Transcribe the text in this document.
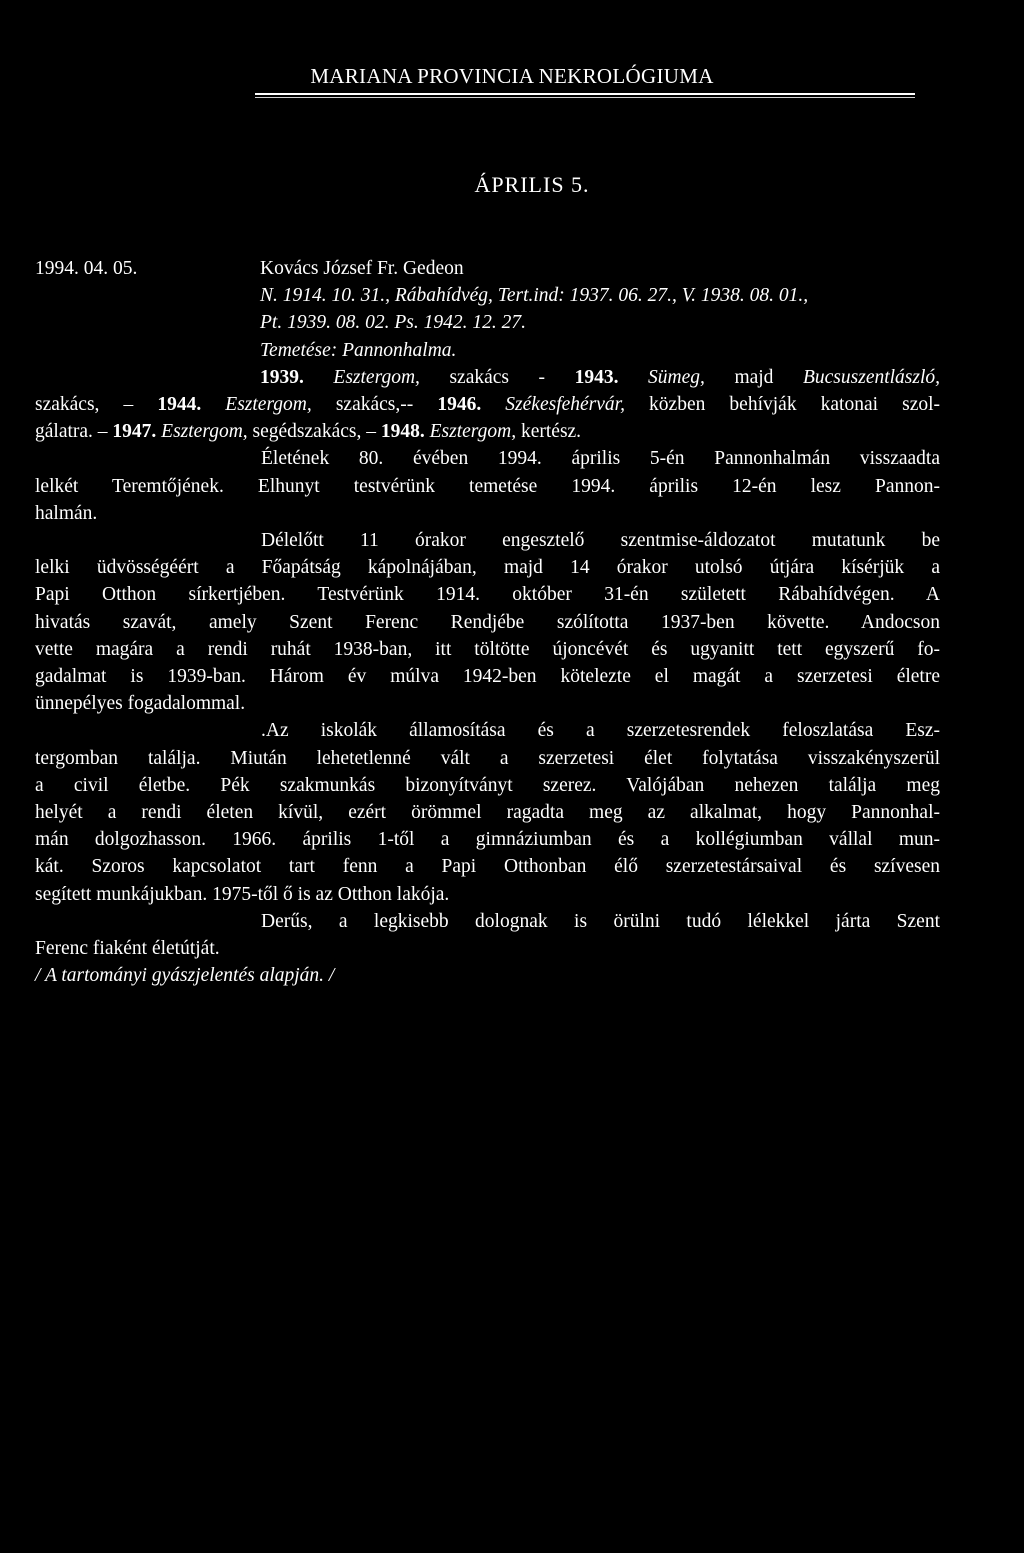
MARIANA PROVINCIA NEKROLÓGIUMA
ÁPRILIS 5.
1994. 04. 05.	Kovács József Fr. Gedeon
N. 1914. 10. 31., Rábahídvég, Tert.ind: 1937. 06. 27., V. 1938. 08. 01.,
Pt. 1939. 08. 02. Ps. 1942. 12. 27.
Temetése: Pannonhalma.
1939. Esztergom, szakács - 1943. Sümeg, majd Bucsuszentlászló,
szakács, – 1944. Esztergom, szakács,-- 1946. Székesfehérvár, közben behívják katonai szol-
gálatra. – 1947. Esztergom, segédszakács, – 1948. Esztergom, kertész.
Életének 80. évében 1994. április 5-én Pannonhalmán visszaadta
lelkét Teremtőjének. Elhunyt testvérünk temetése 1994. április 12-én lesz Pannon-
halmán.
Délelőtt 11 órakor engesztelő szentmise-áldozatot mutatunk be
lelki üdvösségéért a Főapátság kápolnájában, majd 14 órakor utolsó útjára kísérjük a
Papi Otthon sírkertjében. Testvérünk 1914. október 31-én született Rábahídvégen. A
hivatás szavát, amely Szent Ferenc Rendjébe szólította 1937-ben követte. Andocson
vette magára a rendi ruhát 1938-ban, itt töltötte újoncévét és ugyanitt tett egyszerű fo-
gadalmat is 1939-ban. Három év múlva 1942-ben kötelezte el magát a szerzetesi életre
ünnepélyes fogadalommal.
.Az iskolák államosítása és a szerzetesrendek feloszlatása Esz-
tergomban találja. Miután lehetetlenné vált a szerzetesi élet folytatása visszakényszerül
a civil életbe. Pék szakmunkás bizonyítványt szerez. Valójában nehezen találja meg
helyét a rendi életen kívül, ezért örömmel ragadta meg az alkalmat, hogy Pannonhal-
mán dolgozhasson. 1966. április 1-től a gimnáziumban és a kollégiumban vállal mun-
kát. Szoros kapcsolatot tart fenn a Papi Otthonban élő szerzetestársaival és szívesen
segített munkájukban. 1975-től ő is az Otthon lakója.
Derűs, a legkisebb dolognak is örülni tudó lélekkel járta Szent
Ferenc fiaként életútját.
/ A tartományi gyászjelentés alapján. /
